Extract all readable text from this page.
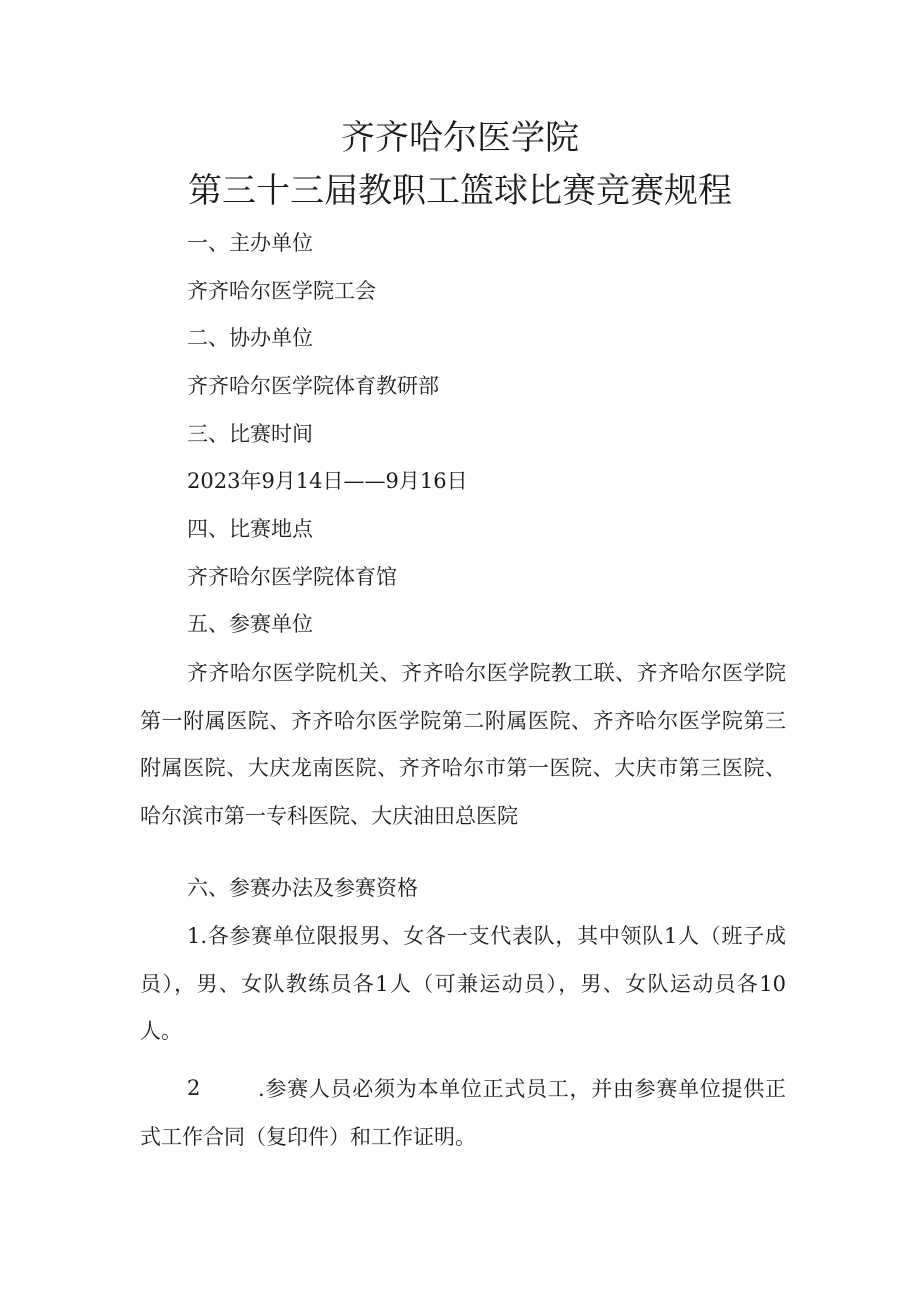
齐齐哈尔医学院
第三十三届教职工篮球比赛竞赛规程
一、主办单位
齐齐哈尔医学院工会
二、协办单位
齐齐哈尔医学院体育教研部
三、比赛时间
2023年9月14日——9月16日
四、比赛地点
齐齐哈尔医学院体育馆
五、参赛单位

齐齐哈尔医学院机关、齐齐哈尔医学院教工联、齐齐哈尔医学院第一附属医院、齐齐哈尔医学院第二附属医院、齐齐哈尔医学院第三附属医院、大庆龙南医院、齐齐哈尔市第一医院、大庆市第三医院、哈尔滨市第一专科医院、大庆油田总医院

六、参赛办法及参赛资格

1.各参赛单位限报男、女各一支代表队，其中领队1人（班子成员），男、女队教练员各1人（可兼运动员），男、女队运动员各10人。

2	.参赛人员必须为本单位正式员工，并由参赛单位提供正式工作合同（复印件）和工作证明。
